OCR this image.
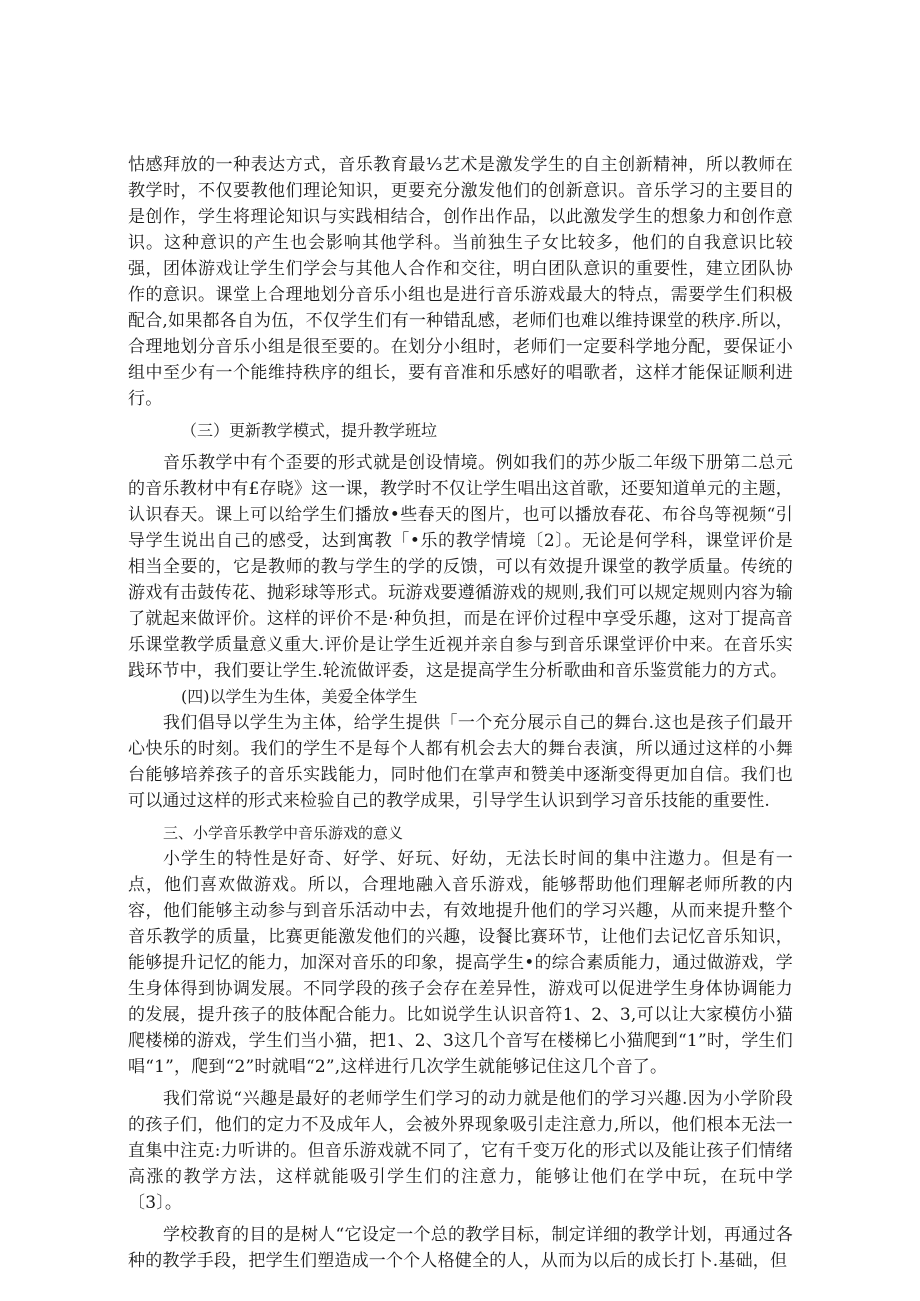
怙感拜放的一种表达方式，音乐教育最⅓艺术是激发学生的自主创新精神，所以教师在教学时，不仅要教他们理论知识，更要充分激发他们的创新意识。音乐学习的主要目的是创作，学生将理论知识与实践相结合，创作出作品，以此激发学生的想象力和创作意识。这种意识的产生也会影响其他学科。当前独生子女比较多，他们的自我意识比较强，团体游戏让学生们学会与其他人合作和交往，明白团队意识的重要性，建立团队协作的意识。课堂上合理地划分音乐小组也是进行音乐游戏最大的特点，需要学生们积极配合,如果都各自为伍，不仅学生们有一种错乱感，老师们也难以维持课堂的秩序.所以，合理地划分音乐小组是很至要的。在划分小组时，老师们一定要科学地分配，要保证小组中至少有一个能维持秩序的组长，要有音准和乐感好的唱歌者，这样才能保证顺利进行。

（三）更新教学模式，提升教学班垃

音乐教学中有个歪要的形式就是创设情境。例如我们的苏少版二年级下册第二总元的音乐教材中有£存晓》这一课，教学时不仅让学生唱出这首歌，还要知道单元的主题，认识春天。课上可以给学生们播放•些春天的图片，也可以播放春花、布谷鸟等视频“引导学生说出自己的感受，达到寓教「•乐的教学情境〔2〕。无论是何学科，课堂评价是相当全要的，它是教师的教与学生的学的反馈，可以有效提升课堂的教学质量。传统的游戏有击鼓传花、抛彩球等形式。玩游戏要遵循游戏的规则,我们可以规定规则内容为输了就起来做评价。这样的评价不是·种负担，而是在评价过程中享受乐趣，这对丁提高音乐课堂教学质量意义重大.评价是让学生近视并亲自参与到音乐课堂评价中来。在音乐实践环节中，我们要让学生.轮流做评委，这是提高学生分析歌曲和音乐鉴赏能力的方式。

(四)以学生为生体，美爱全体学生

我们倡导以学生为主体，给学生提供「一个充分展示自己的舞台.这也是孩子们最开心快乐的时刻。我们的学生不是每个人都有机会去大的舞台表演，所以通过这样的小舞台能够培养孩子的音乐实践能力，同时他们在掌声和赞美中逐渐变得更加自信。我们也可以通过这样的形式来检验自己的教学成果，引导学生认识到学习音乐技能的重要性.

三、小学音乐教学中音乐游戏的意义

小学生的特性是好奇、好学、好玩、好幼，无法长时间的集中注遨力。但是有一点，他们喜欢做游戏。所以，合理地融入音乐游戏，能够帮助他们理解老师所教的内容，他们能够主动参与到音乐活动中去，有效地提升他们的学习兴趣，从而来提升整个音乐教学的质量，比赛更能激发他们的兴趣，设餐比赛环节，让他们去记忆音乐知识，能够提升记忆的能力，加深对音乐的印象，提高学生•的综合素质能力，通过做游戏，学生身体得到协调发展。不同学段的孩子会存在差异性，游戏可以促进学生身体协调能力的发展，提升孩子的肢体配合能力。比如说学生认识音符1、2、3,可以让大家模仿小猫爬楼梯的游戏，学生们当小猫，把1、2、3这几个音写在楼梯匕小猫爬到“1”时，学生们唱“1”，爬到“2”时就唱“2”,这样进行几次学生就能够记住这几个音了。

我们常说“兴趣是最好的老师学生们学习的动力就是他们的学习兴趣.因为小学阶段的孩子们，他们的定力不及成年人，会被外界现象吸引走注意力,所以，他们根本无法一直集中注克:力听讲的。但音乐游戏就不同了，它有千变万化的形式以及能让孩子们情绪高涨的教学方法，这样就能吸引学生们的注意力，能够让他们在学中玩，在玩中学〔3〕。

学校教育的目的是树人“它设定一个总的教学目标，制定详细的教学计划，再通过各种的教学手段，把学生们塑造成一个个人格健全的人，从而为以后的成长打卜.基础，但
